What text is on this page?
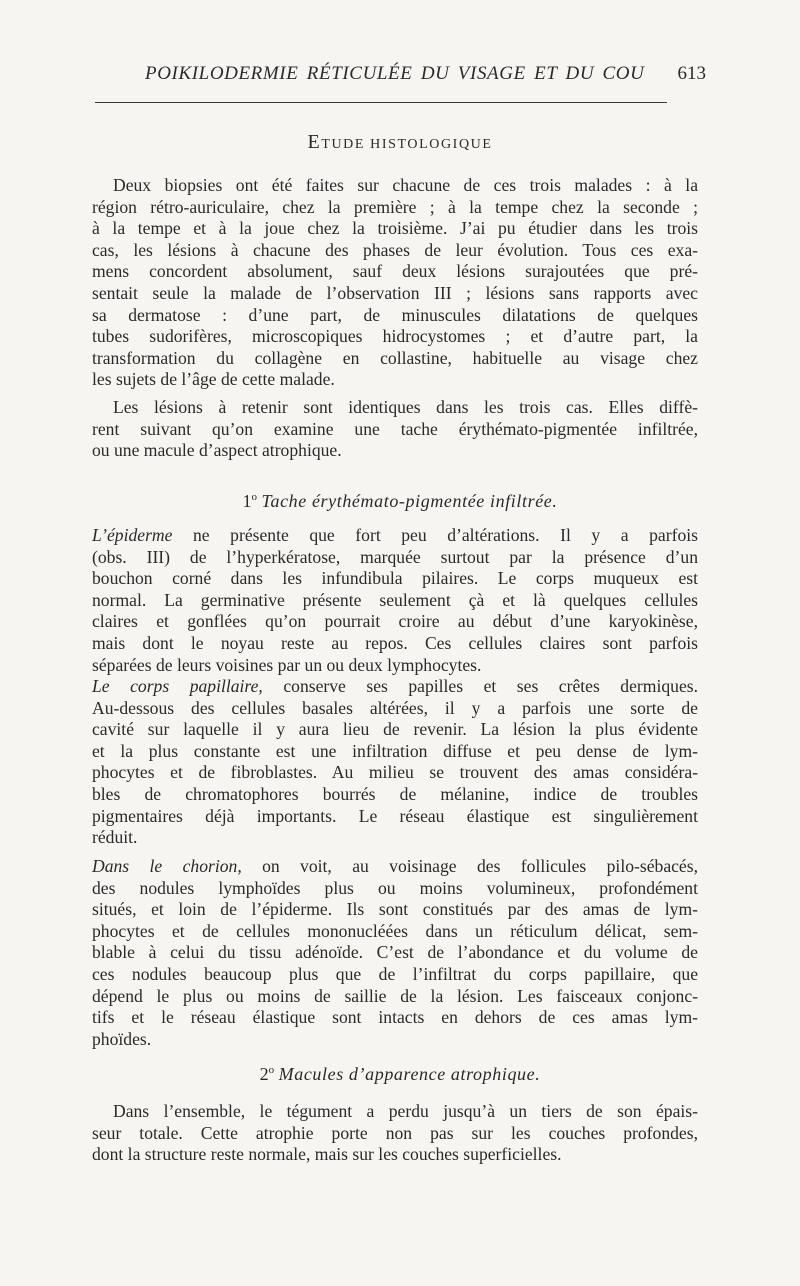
POIKILODERMIE RÉTICULÉE DU VISAGE ET DU COU 613
ETUDE HISTOLOGIQUE

Deux biopsies ont été faites sur chacune de ces trois malades : à la
région rétro-auriculaire, chez la première ; à la tempe chez la seconde ;
à la tempe et à la joue chez la troisième. J’ai pu étudier dans les trois
cas, les lésions à chacune des phases de leur évolution. Tous ces exa-
mens concordent absolument, sauf deux lésions surajoutées que pré-
sentait seule la malade de l’observation III ; lésions sans rapports avec
sa dermatose : d’une part, de minuscules dilatations de quelques
tubes sudorifères, microscopiques hidrocystomes ; et d’autre part, la
transformation du collagène en collastine, habituelle au visage chez
les sujets de l’âge de cette malade.

Les lésions à retenir sont identiques dans les trois cas. Elles diffè-
rent suivant qu’on examine une tache érythémato-pigmentée infiltrée,
ou une macule d’aspect atrophique.

1$^o$ Tache érythémato-pigmentée infiltrée.

L’épiderme ne présente que fort peu d’altérations. Il y a parfois
(obs. III) de l’hyperkératose, marquée surtout par la présence d’un
bouchon corné dans les infundibula pilaires. Le corps muqueux est
normal. La germinative présente seulement çà et là quelques cellules
claires et gonflées qu’on pourrait croire au début d’une karyokinèse,
mais dont le noyau reste au repos. Ces cellules claires sont parfois
séparées de leurs voisines par un ou deux lymphocytes.

Le corps papillaire, conserve ses papilles et ses crêtes dermiques.
Au-dessous des cellules basales altérées, il y a parfois une sorte de
cavité sur laquelle il y aura lieu de revenir. La lésion la plus évidente
et la plus constante est une infiltration diffuse et peu dense de lym-
phocytes et de fibroblastes. Au milieu se trouvent des amas considéra-
bles de chromatophores bourrés de mélanine, indice de troubles
pigmentaires déjà importants. Le réseau élastique est singulièrement
réduit.

Dans le chorion, on voit, au voisinage des follicules pilo-sébacés,
des nodules lymphoïdes plus ou moins volumineux, profondément
situés, et loin de l’épiderme. Ils sont constitués par des amas de lym-
phocytes et de cellules mononucléées dans un réticulum délicat, sem-
blable à celui du tissu adénoïde. C’est de l’abondance et du volume de
ces nodules beaucoup plus que de l’infiltrat du corps papillaire, que
dépend le plus ou moins de saillie de la lésion. Les faisceaux conjonc-
tifs et le réseau élastique sont intacts en dehors de ces amas lym-
phoïdes.

2$^o$ Macules d’apparence atrophique.

Dans l’ensemble, le tégument a perdu jusqu’à un tiers de son épais-
seur totale. Cette atrophie porte non pas sur les couches profondes,
dont la structure reste normale, mais sur les couches superficielles.
